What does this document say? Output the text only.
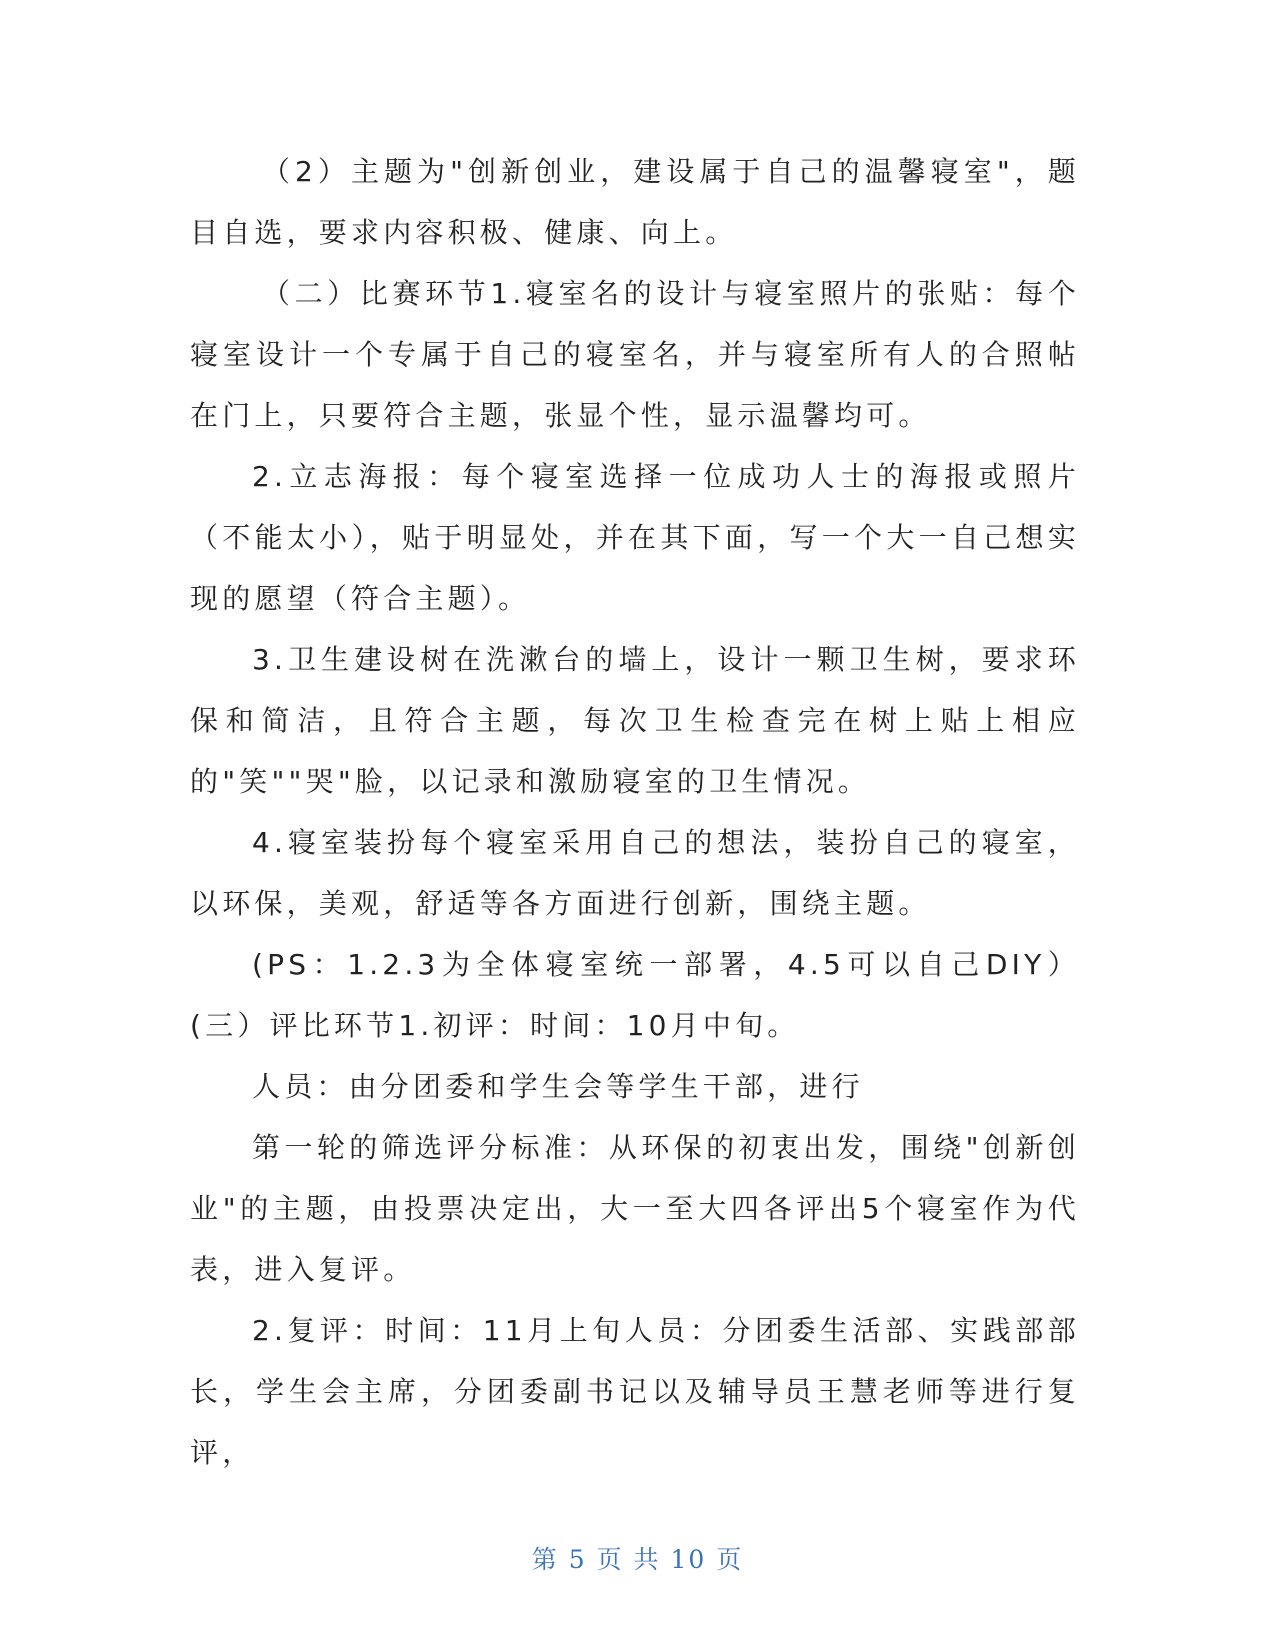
（2）主题为"创新创业，建设属于自己的温馨寝室"，题目自选，要求内容积极、健康、向上。

（二）比赛环节1.寝室名的设计与寝室照片的张贴：每个寝室设计一个专属于自己的寝室名，并与寝室所有人的合照帖在门上，只要符合主题，张显个性，显示温馨均可。

2.立志海报：每个寝室选择一位成功人士的海报或照片（不能太小），贴于明显处，并在其下面，写一个大一自己想实现的愿望（符合主题）。

3.卫生建设树在洗漱台的墙上，设计一颗卫生树，要求环保和简洁，且符合主题，每次卫生检查完在树上贴上相应的"笑""哭"脸，以记录和激励寝室的卫生情况。

4.寝室装扮每个寝室采用自己的想法，装扮自己的寝室，以环保，美观，舒适等各方面进行创新，围绕主题。

(PS：1.2.3为全体寝室统一部署，4.5可以自己DIY）(三）评比环节1.初评：时间：10月中旬。

人员：由分团委和学生会等学生干部，进行

第一轮的筛选评分标准：从环保的初衷出发，围绕"创新创业"的主题，由投票决定出，大一至大四各评出5个寝室作为代表，进入复评。

2.复评：时间：11月上旬人员：分团委生活部、实践部部长，学生会主席，分团委副书记以及辅导员王慧老师等进行复评，

第 5 页 共 10 页
